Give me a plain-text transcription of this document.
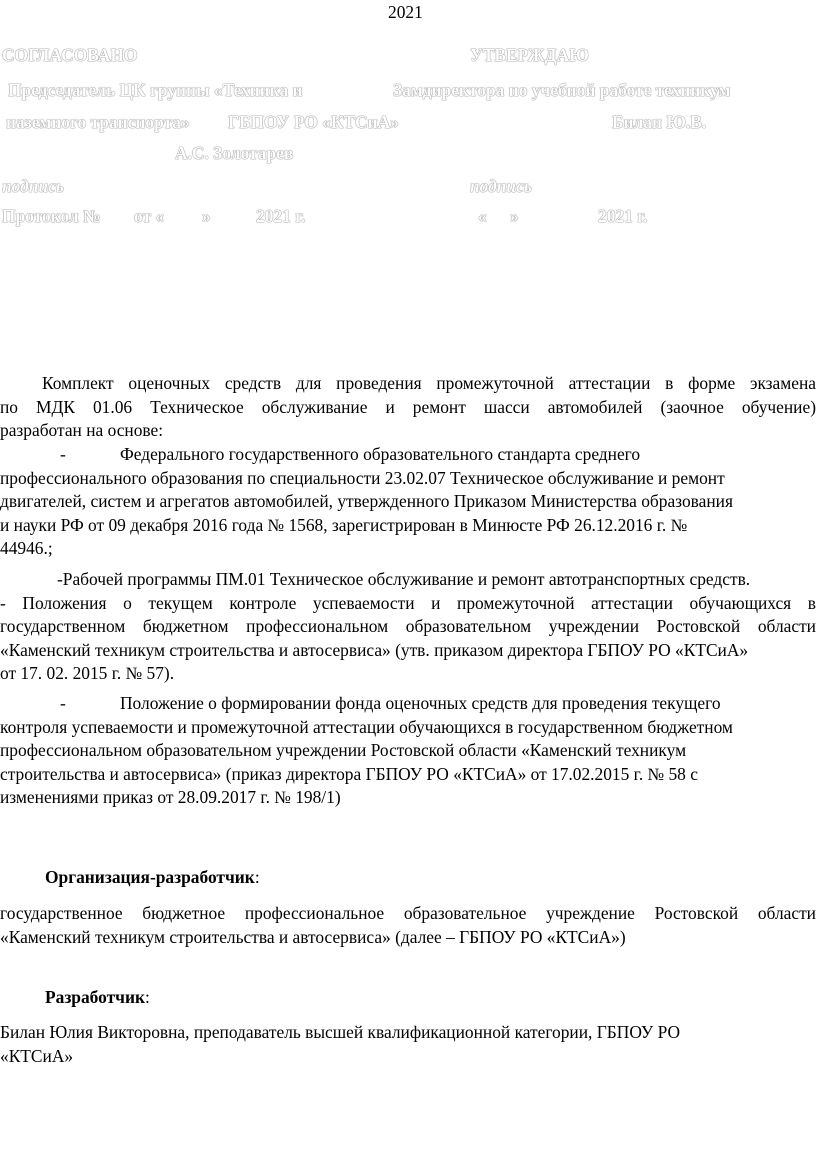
2021
СОГЛАСОВАНО	УТВЕРЖДАЮ
Председатель ЦК группы «Техника и	Замдиректора по учебной работе техникум
наземного транспорта» ГБПОУ РО «КТСиА»	Билан Ю.В.
А.С. Золотарев
подпись	подпись
Протокол № от « »	2021 г.	« »	2021 г.
Комплект оценочных средств для проведения промежуточной аттестации в форме экзамена
по МДК 01.06 Техническое обслуживание и ремонт шасси автомобилей (заочное обучение)
разработан на основе:
-	Федерального государственного образовательного стандарта среднего
профессионального образования по специальности 23.02.07 Техническое обслуживание и ремонт
двигателей, систем и агрегатов автомобилей, утвержденного Приказом Министерства образования
и науки РФ от 09 декабря 2016 года № 1568, зарегистрирован в Минюсте РФ 26.12.2016 г. №
44946.;
-Рабочей программы ПМ.01 Техническое обслуживание и ремонт автотранспортных средств.
- Положения о текущем контроле успеваемости и промежуточной аттестации обучающихся в
государственном бюджетном профессиональном образовательном учреждении Ростовской области
«Каменский техникум строительства и автосервиса» (утв. приказом директора ГБПОУ РО «КТСиА»
от 17. 02. 2015 г. № 57).
-	Положение о формировании фонда оценочных средств для проведения текущего
контроля успеваемости и промежуточной аттестации обучающихся в государственном бюджетном
профессиональном образовательном учреждении Ростовской области «Каменский техникум
строительства и автосервиса» (приказ директора ГБПОУ РО «КТСиА» от 17.02.2015 г. № 58 с
изменениями приказ от 28.09.2017 г. № 198/1)
Организация-разработчик:
государственное бюджетное профессиональное образовательное учреждение Ростовской области
«Каменский техникум строительства и автосервиса» (далее – ГБПОУ РО «КТСиА»)
Разработчик:
Билан Юлия Викторовна, преподаватель высшей квалификационной категории, ГБПОУ РО
«КТСиА»
